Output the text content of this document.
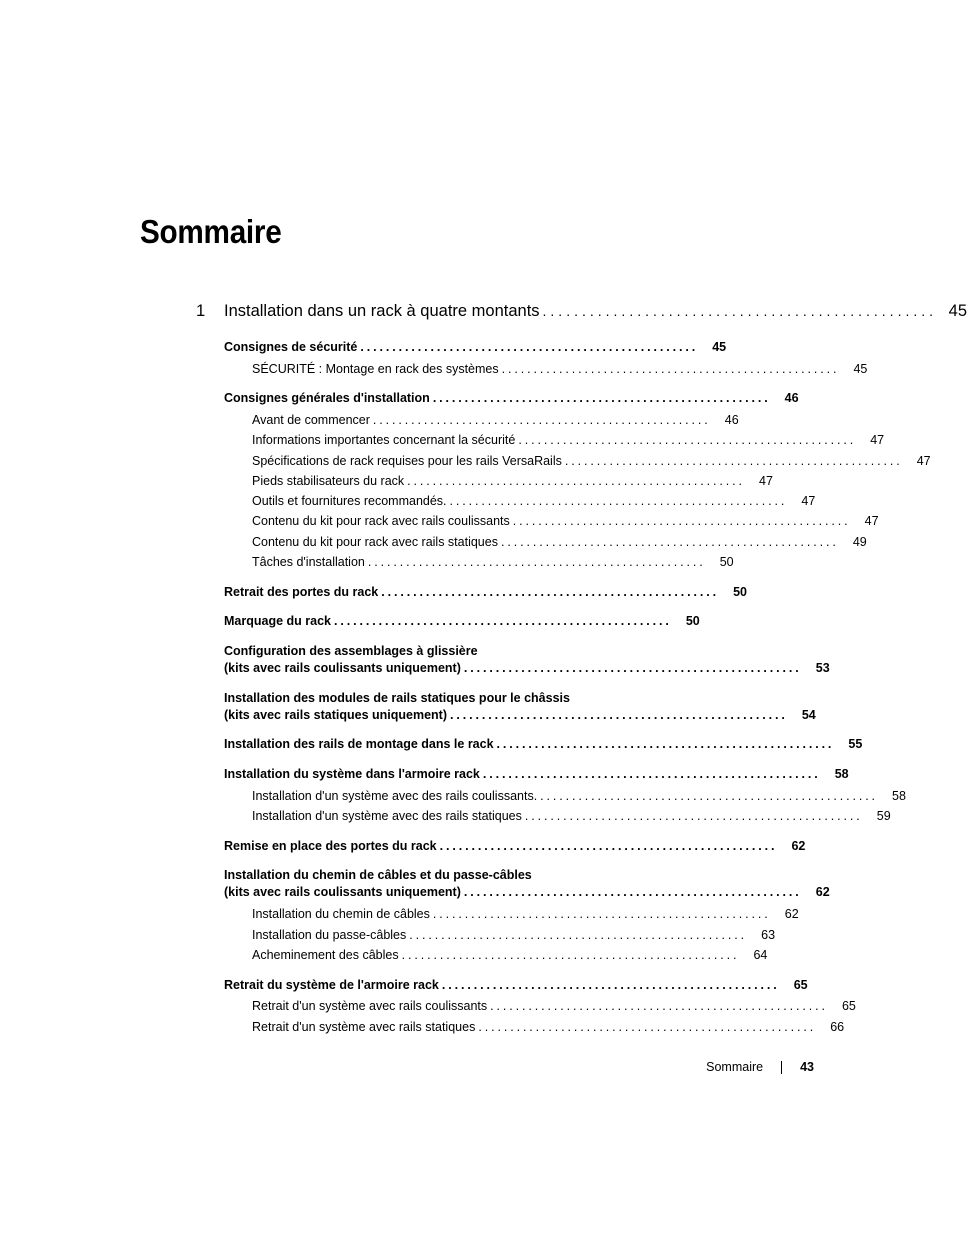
Sommaire
1	Installation dans un rack à quatre montants .................................................. 45
Consignes de sécurité .....................................................	45
SÉCURITÉ : Montage en rack des systèmes .....................................................	45
Consignes générales d'installation .....................................................	46
Avant de commencer .....................................................	46
Informations importantes concernant la sécurité .....................................................	47
Spécifications de rack requises pour les rails VersaRails .....................................................	47
Pieds stabilisateurs du rack .....................................................	47
Outils et fournitures recommandés. .....................................................	47
Contenu du kit pour rack avec rails coulissants .....................................................	47
Contenu du kit pour rack avec rails statiques .....................................................	49
Tâches d'installation .....................................................	50
Retrait des portes du rack .....................................................	50
Marquage du rack .....................................................	50
Configuration des assemblages à glissière
(kits avec rails coulissants uniquement) .....................................................	53
Installation des modules de rails statiques pour le châssis
(kits avec rails statiques uniquement) .....................................................	54
Installation des rails de montage dans le rack .....................................................	55
Installation du système dans l'armoire rack .....................................................	58
Installation d'un système avec des rails coulissants. .....................................................	58
Installation d'un système avec des rails statiques .....................................................	59
Remise en place des portes du rack .....................................................	62
Installation du chemin de câbles et du passe-câbles
(kits avec rails coulissants uniquement) .....................................................	62
Installation du chemin de câbles .....................................................	62
Installation du passe-câbles .....................................................	63
Acheminement des câbles .....................................................	64
Retrait du système de l'armoire rack .....................................................	65
Retrait d'un système avec rails coulissants .....................................................	65
Retrait d'un système avec rails statiques .....................................................	66
Sommaire	43
